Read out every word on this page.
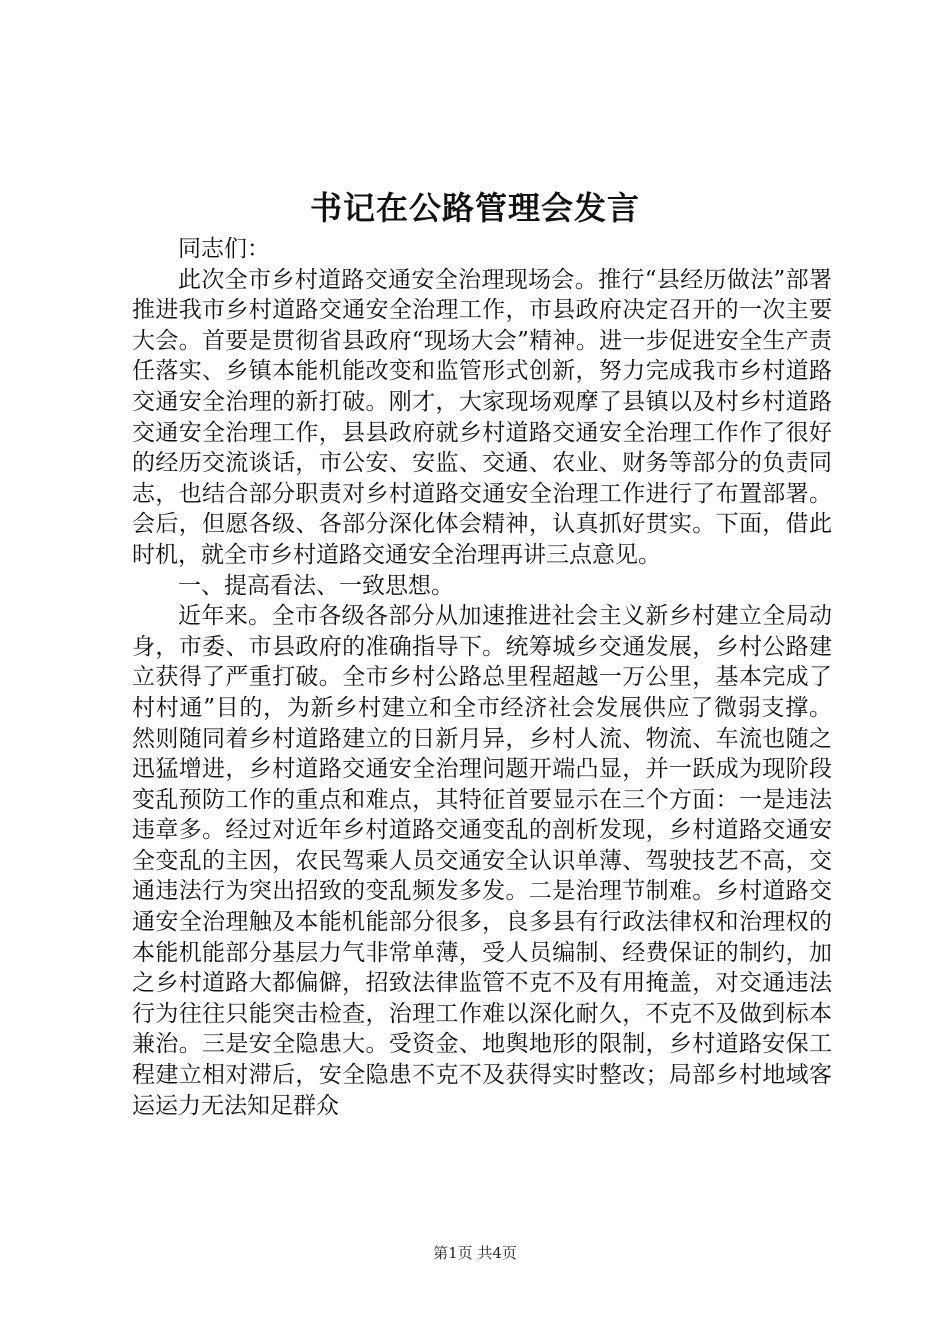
书记在公路管理会发言

同志们：

此次全市乡村道路交通安全治理现场会。推行“县经历做法”部署推进我市乡村道路交通安全治理工作，市县政府决定召开的一次主要大会。首要是贯彻省县政府“现场大会”精神。进一步促进安全生产责任落实、乡镇本能机能改变和监管形式创新，努力完成我市乡村道路交通安全治理的新打破。刚才，大家现场观摩了县镇以及村乡村道路交通安全治理工作，县县政府就乡村道路交通安全治理工作作了很好的经历交流谈话，市公安、安监、交通、农业、财务等部分的负责同志，也结合部分职责对乡村道路交通安全治理工作进行了布置部署。会后，但愿各级、各部分深化体会精神，认真抓好贯实。下面，借此时机，就全市乡村道路交通安全治理再讲三点意见。

一、提高看法、一致思想。

近年来。全市各级各部分从加速推进社会主义新乡村建立全局动身，市委、市县政府的准确指导下。统筹城乡交通发展，乡村公路建立获得了严重打破。全市乡村公路总里程超越一万公里，基本完成了村村通”目的，为新乡村建立和全市经济社会发展供应了微弱支撑。然则随同着乡村道路建立的日新月异，乡村人流、物流、车流也随之迅猛增进，乡村道路交通安全治理问题开端凸显，并一跃成为现阶段变乱预防工作的重点和难点，其特征首要显示在三个方面：一是违法违章多。经过对近年乡村道路交通变乱的剖析发现，乡村道路交通安全变乱的主因，农民驾乘人员交通安全认识单薄、驾驶技艺不高，交通违法行为突出招致的变乱频发多发。二是治理节制难。乡村道路交通安全治理触及本能机能部分很多，良多县有行政法律权和治理权的本能机能部分基层力气非常单薄，受人员编制、经费保证的制约，加之乡村道路大都偏僻，招致法律监管不克不及有用掩盖，对交通违法行为往往只能突击检查，治理工作难以深化耐久，不克不及做到标本兼治。三是安全隐患大。受资金、地舆地形的限制，乡村道路安保工程建立相对滞后，安全隐患不克不及获得实时整改；局部乡村地域客运运力无法知足群众

第1页 共4页
